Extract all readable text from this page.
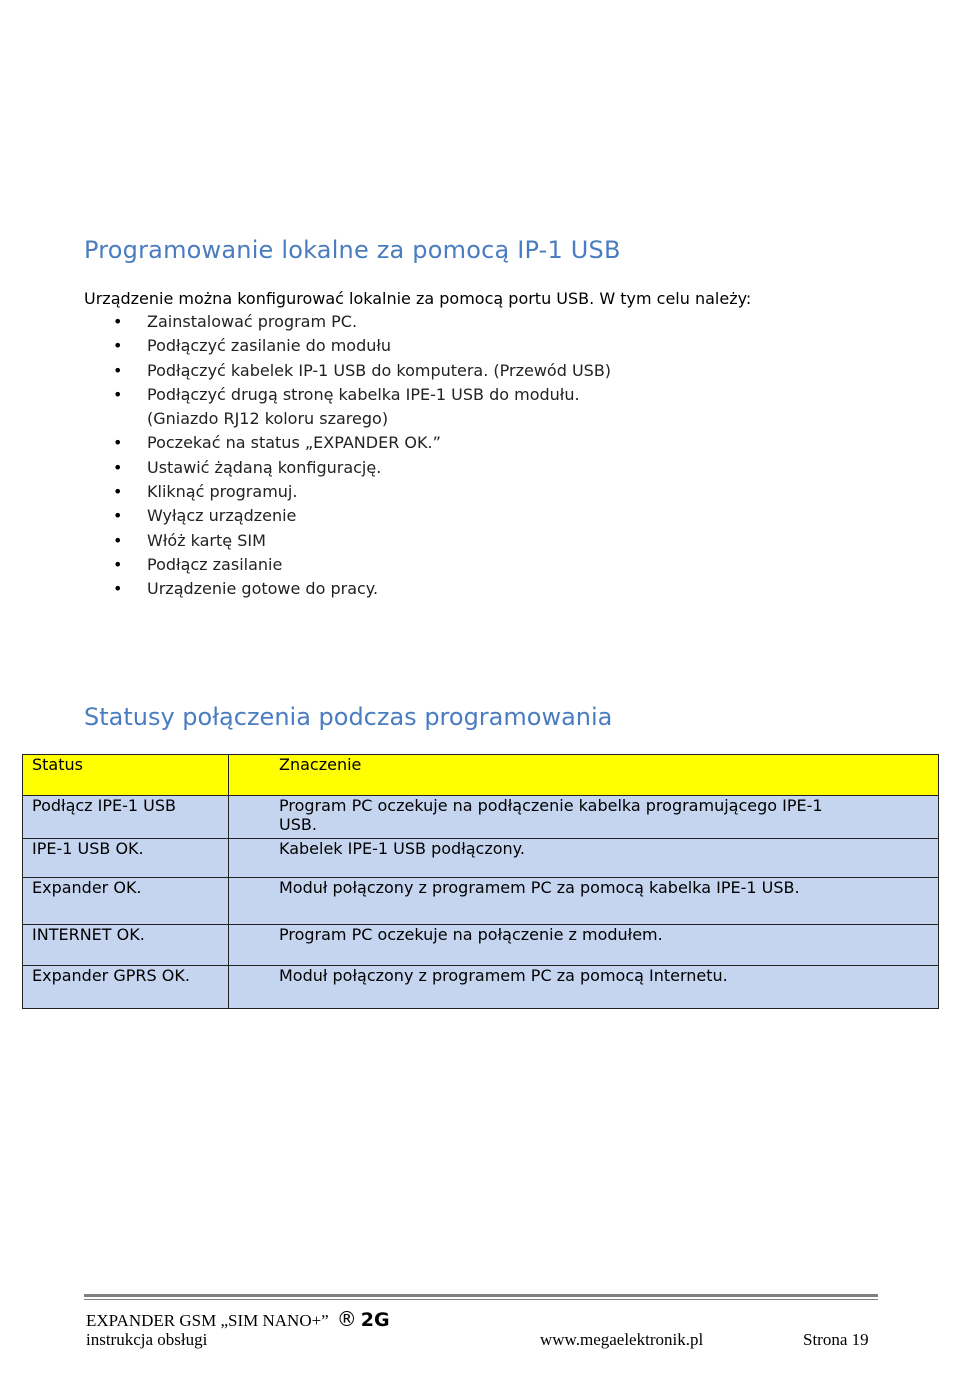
Programowanie lokalne za pomocą IP-1 USB
Urządzenie można konfigurować lokalnie za pomocą portu USB. W tym celu należy:
• Zainstalować program PC.
• Podłączyć zasilanie do modułu
• Podłączyć kabelek IP-1 USB do komputera. (Przewód USB)
• Podłączyć drugą stronę kabelka IPE-1 USB do modułu.
(Gniazdo RJ12 koloru szarego)
• Poczekać na status „EXPANDER OK.”
• Ustawić żądaną konfigurację.
• Kliknąć programuj.
• Wyłącz urządzenie
• Włóż kartę SIM
• Podłącz zasilanie
• Urządzenie gotowe do pracy.
Statusy połączenia podczas programowania
Status	Znaczenie
Podłącz IPE-1 USB	Program PC oczekuje na podłączenie kabelka programującego IPE-1
USB.

IPE-1 USB OK.	Kabelek IPE-1 USB podłączony.
Expander OK.	Moduł połączony z programem PC za pomocą kabelka IPE-1 USB.
INTERNET OK.	Program PC oczekuje na połączenie z modułem.
Expander GPRS OK.	Moduł połączony z programem PC za pomocą Internetu.
EXPANDER GSM „SIM NANO+” ® 2G
instrukcja obsługi	www.megaelektronik.pl	Strona 19
